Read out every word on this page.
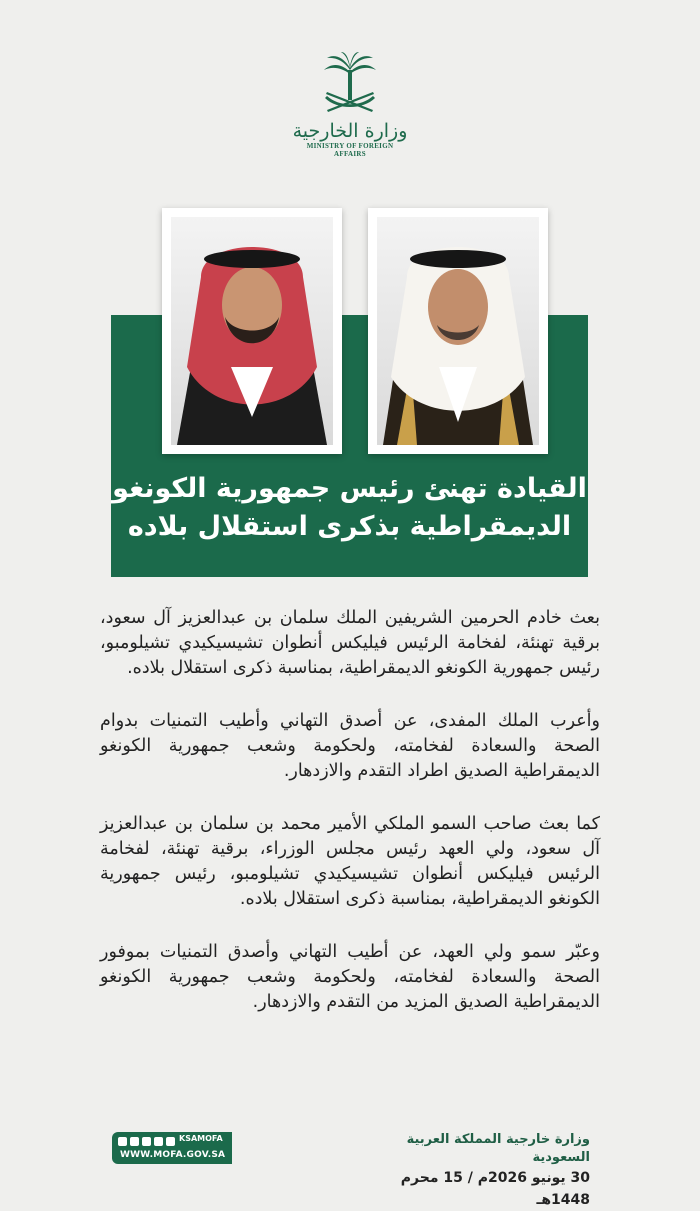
وزارة الخارجية
MINISTRY OF FOREIGN AFFAIRS
القيادة تهنئ رئيس جمهورية الكونغو
الديمقراطية بذكرى استقلال بلاده

بعث خادم الحرمين الشريفين الملك سلمان بن عبدالعزيز آل سعود، برقية تهنئة، لفخامة الرئيس فيليكس أنطوان تشيسيكيدي تشيلومبو، رئيس جمهورية الكونغو الديمقراطية، بمناسبة ذكرى استقلال بلاده.

وأعرب الملك المفدى، عن أصدق التهاني وأطيب التمنيات بدوام الصحة والسعادة لفخامته، ولحكومة وشعب جمهورية الكونغو الديمقراطية الصديق اطراد التقدم والازدهار.

كما بعث صاحب السمو الملكي الأمير محمد بن سلمان بن عبدالعزيز آل سعود، ولي العهد رئيس مجلس الوزراء، برقية تهنئة، لفخامة الرئيس فيليكس أنطوان تشيسيكيدي تشيلومبو، رئيس جمهورية الكونغو الديمقراطية، بمناسبة ذكرى استقلال بلاده.

وعبّر سمو ولي العهد، عن أطيب التهاني وأصدق التمنيات بموفور الصحة والسعادة لفخامته، ولحكومة وشعب جمهورية الكونغو الديمقراطية الصديق المزيد من التقدم والازدهار.

KSAMOFA
WWW.MOFA.GOV.SA
وزارة خارجية المملكة العربية السعودية
30 يونيو 2026م / 15 محرم 1448هـ
